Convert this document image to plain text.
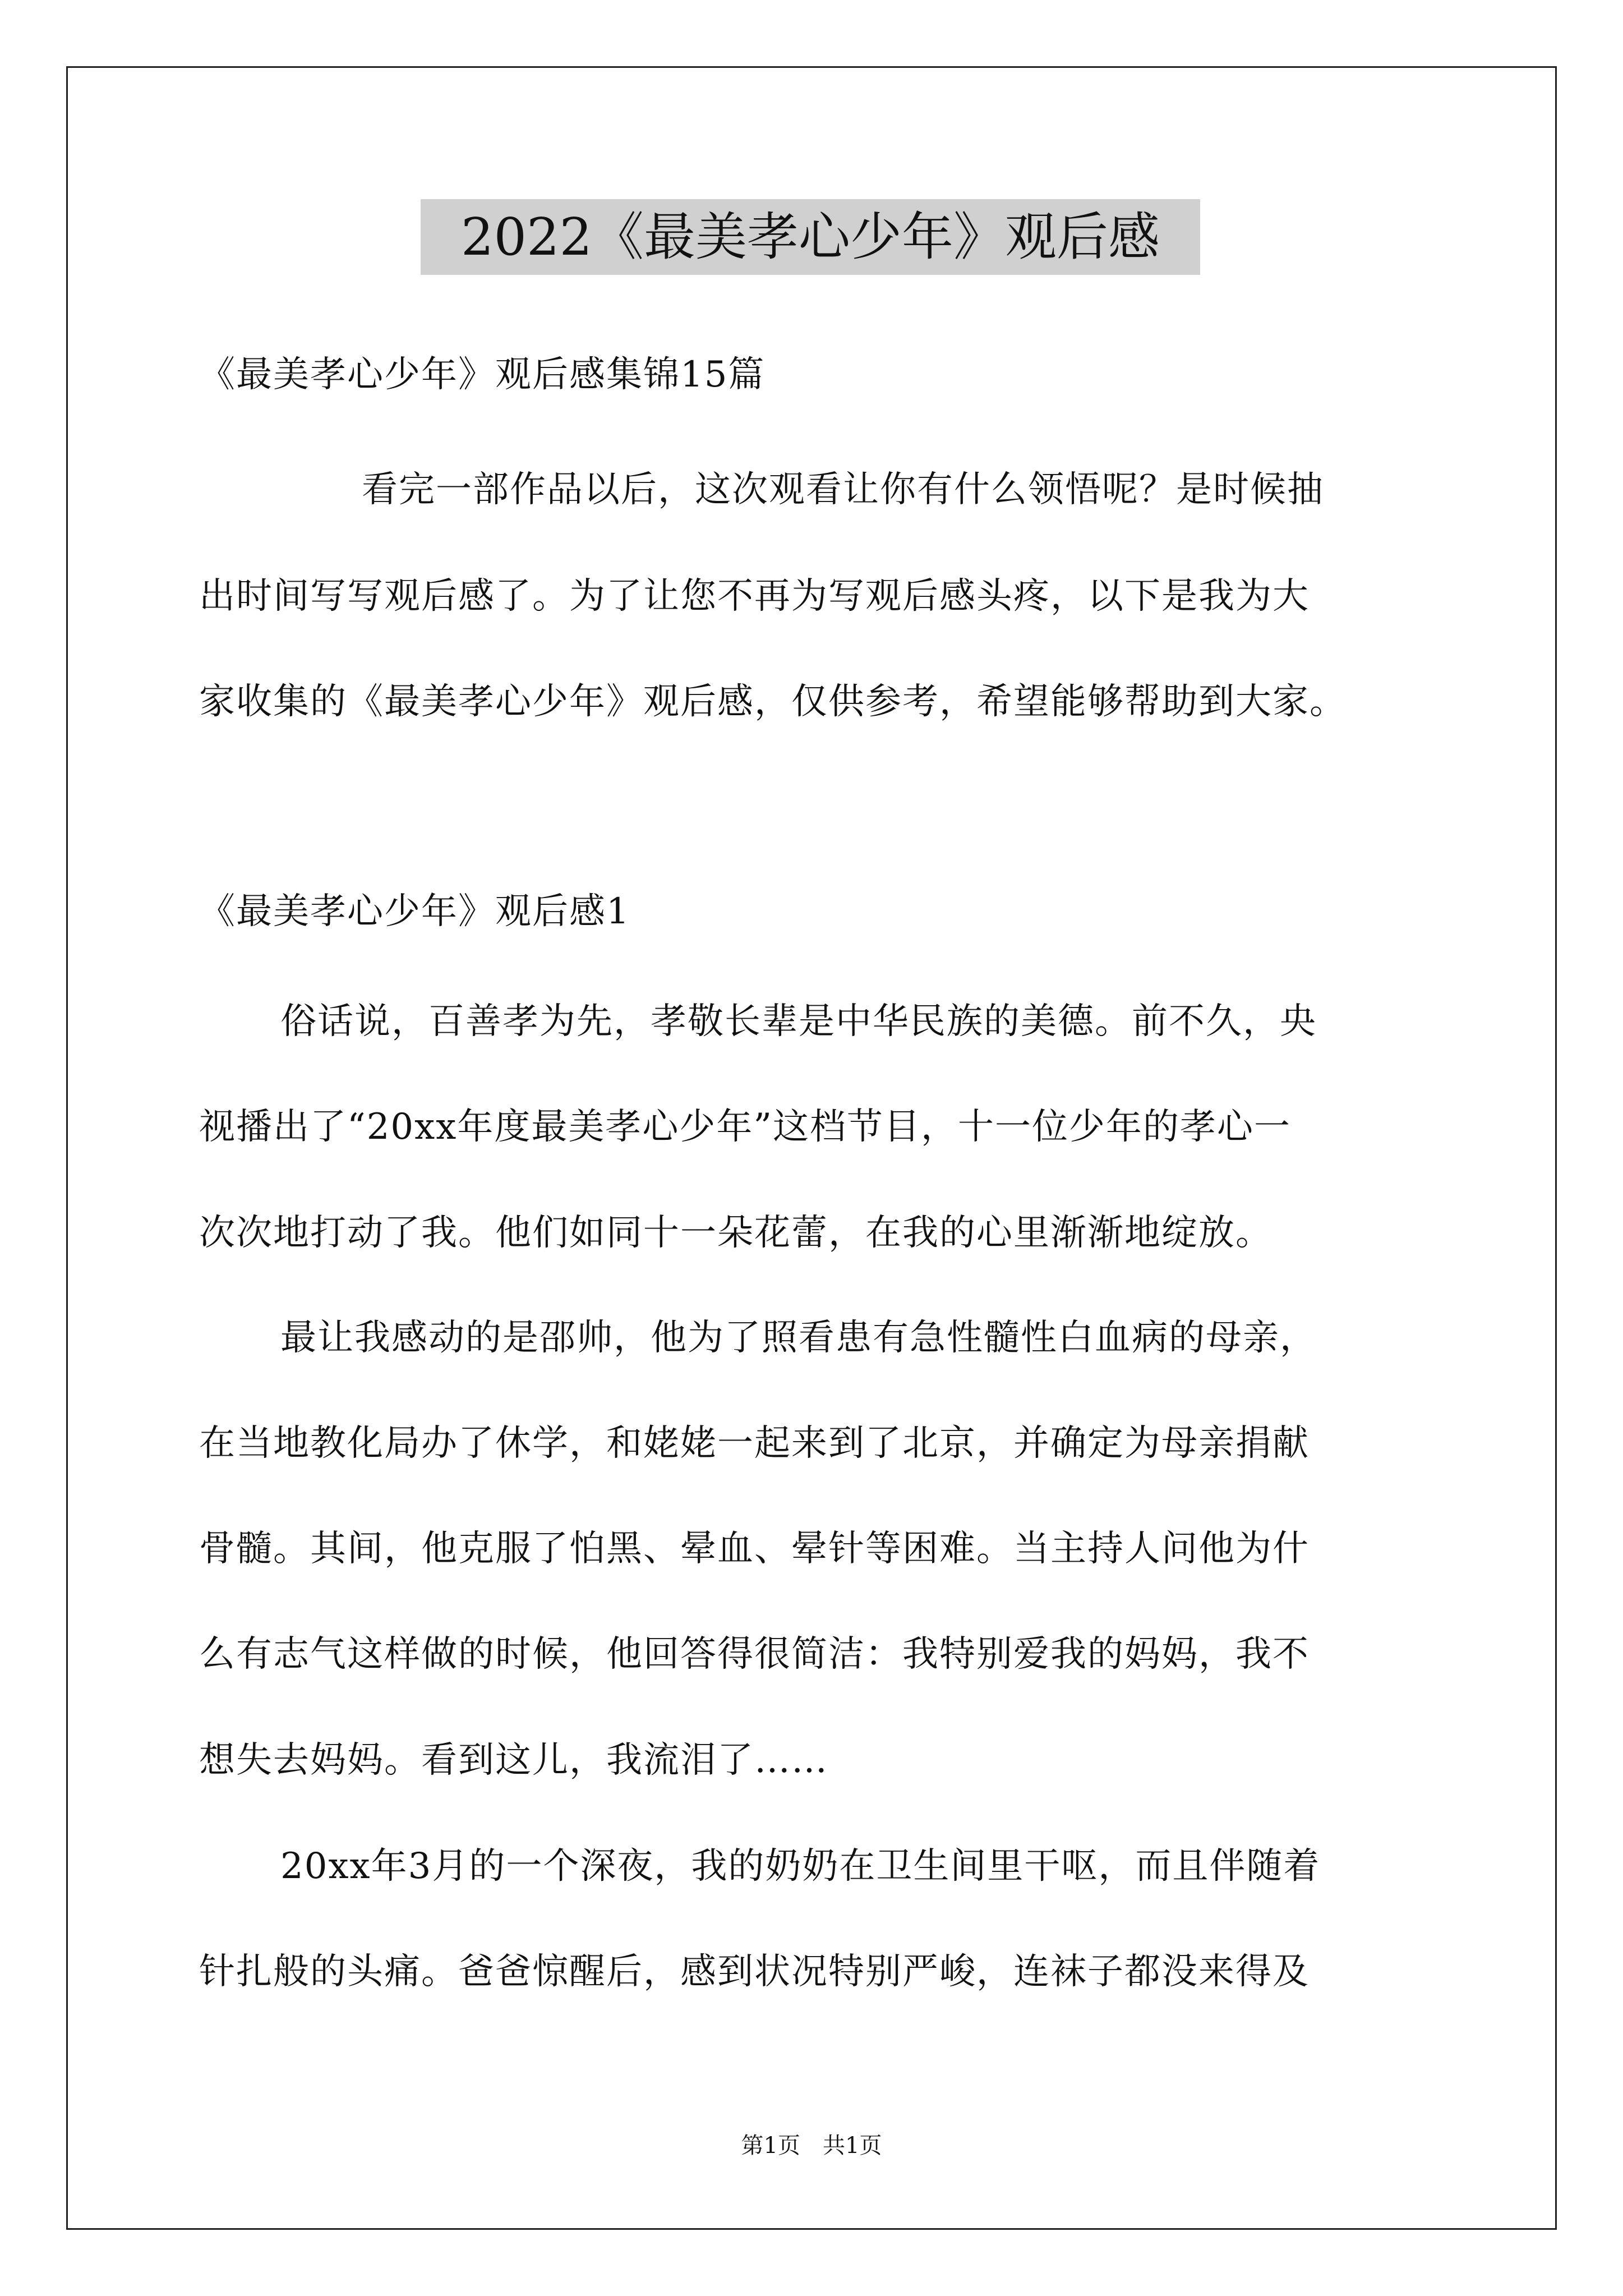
2022《最美孝心少年》观后感
《最美孝心少年》观后感集锦15篇
看完一部作品以后，这次观看让你有什么领悟呢？是时候抽
出时间写写观后感了。为了让您不再为写观后感头疼，以下是我为大
家收集的《最美孝心少年》观后感，仅供参考，希望能够帮助到大家。
《最美孝心少年》观后感1
俗话说，百善孝为先，孝敬长辈是中华民族的美德。前不久，央
视播出了“20xx年度最美孝心少年”这档节目，十一位少年的孝心一
次次地打动了我。他们如同十一朵花蕾，在我的心里渐渐地绽放。
最让我感动的是邵帅，他为了照看患有急性髓性白血病的母亲，
在当地教化局办了休学，和姥姥一起来到了北京，并确定为母亲捐献
骨髓。其间，他克服了怕黑、晕血、晕针等困难。当主持人问他为什
么有志气这样做的时候，他回答得很简洁：我特别爱我的妈妈，我不
想失去妈妈。看到这儿，我流泪了……
20xx年3月的一个深夜，我的奶奶在卫生间里干呕，而且伴随着
针扎般的头痛。爸爸惊醒后，感到状况特别严峻，连袜子都没来得及
第1页　共1页
